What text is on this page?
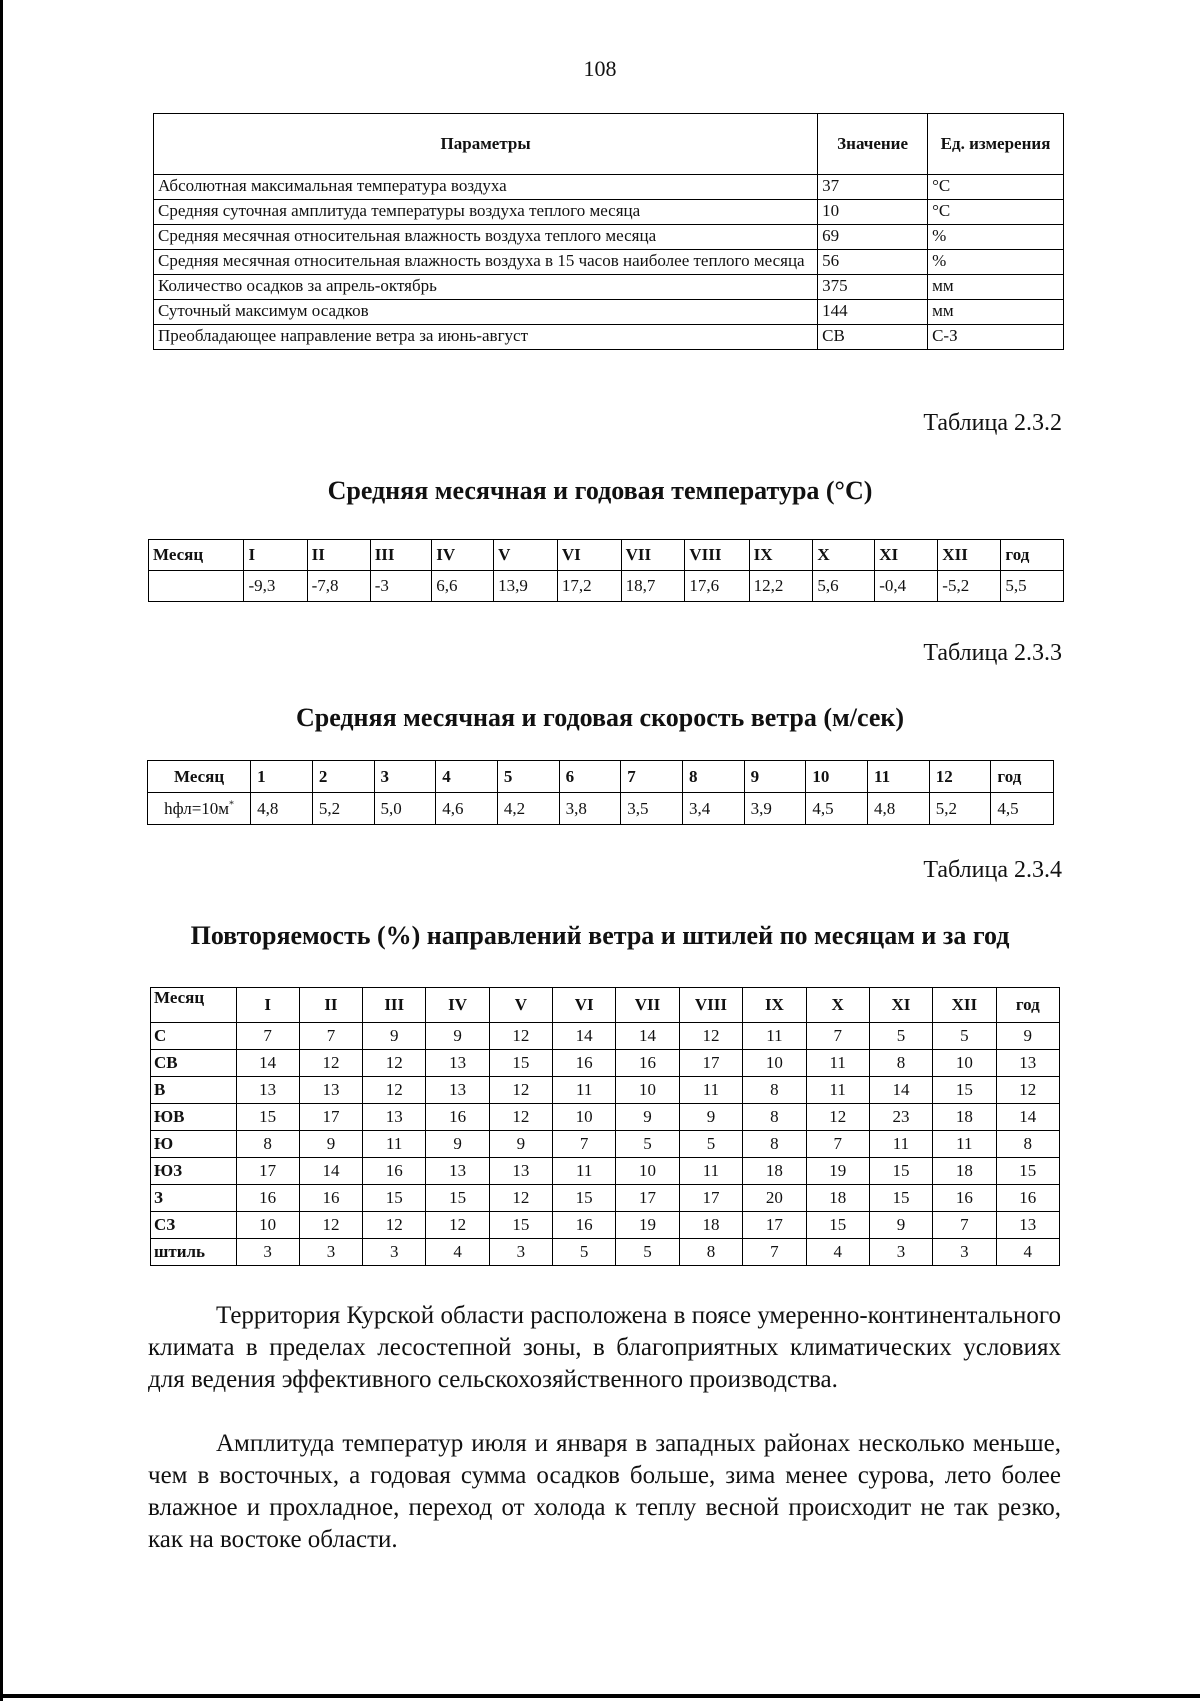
108
Параметры	Значение	Ед. измерения
Абсолютная максимальная температура воздуха	37	°С
Средняя суточная амплитуда температуры воздуха теплого месяца	10	°С
Средняя месячная относительная влажность воздуха теплого месяца	69	%
Средняя месячная относительная влажность воздуха в 15 часов наиболее теплого месяца	56	%
Количество осадков за апрель-октябрь	375	мм
Суточный максимум осадков	144	мм
Преобладающее направление ветра за июнь-август	СВ	С-З
Таблица 2.3.2
Средняя месячная и годовая температура (°С)
Месяц	I	II	III	IV	V	VI	VII	VIII	IX	X	XI	XII	год
	-9,3	-7,8	-3	6,6	13,9	17,2	18,7	17,6	12,2	5,6	-0,4	-5,2	5,5
Таблица 2.3.3
Средняя месячная и годовая скорость ветра (м/сек)
Месяц	1	2	3	4	5	6	7	8	9	10	11	12	год
hфл=10м*	4,8	5,2	5,0	4,6	4,2	3,8	3,5	3,4	3,9	4,5	4,8	5,2	4,5
Таблица 2.3.4
Повторяемость (%) направлений ветра и штилей по месяцам и за год
Месяц	I	II	III	IV	V	VI	VII	VIII	IX	X	XI	XII	год
С	7	7	9	9	12	14	14	12	11	7	5	5	9
СВ	14	12	12	13	15	16	16	17	10	11	8	10	13
В	13	13	12	13	12	11	10	11	8	11	14	15	12
ЮВ	15	17	13	16	12	10	9	9	8	12	23	18	14
Ю	8	9	11	9	9	7	5	5	8	7	11	11	8
ЮЗ	17	14	16	13	13	11	10	11	18	19	15	18	15
З	16	16	15	15	12	15	17	17	20	18	15	16	16
СЗ	10	12	12	12	15	16	19	18	17	15	9	7	13
штиль	3	3	3	4	3	5	5	8	7	4	3	3	4

Территория Курской области расположена в поясе умеренно-континентального климата в пределах лесостепной зоны, в благоприятных климатических условиях для ведения эффективного сельскохозяйственного производства.

Амплитуда температур июля и января в западных районах несколько меньше, чем в восточных, а годовая сумма осадков больше, зима менее сурова, лето более влажное и прохладное, переход от холода к теплу весной происходит не так резко, как на востоке области.
